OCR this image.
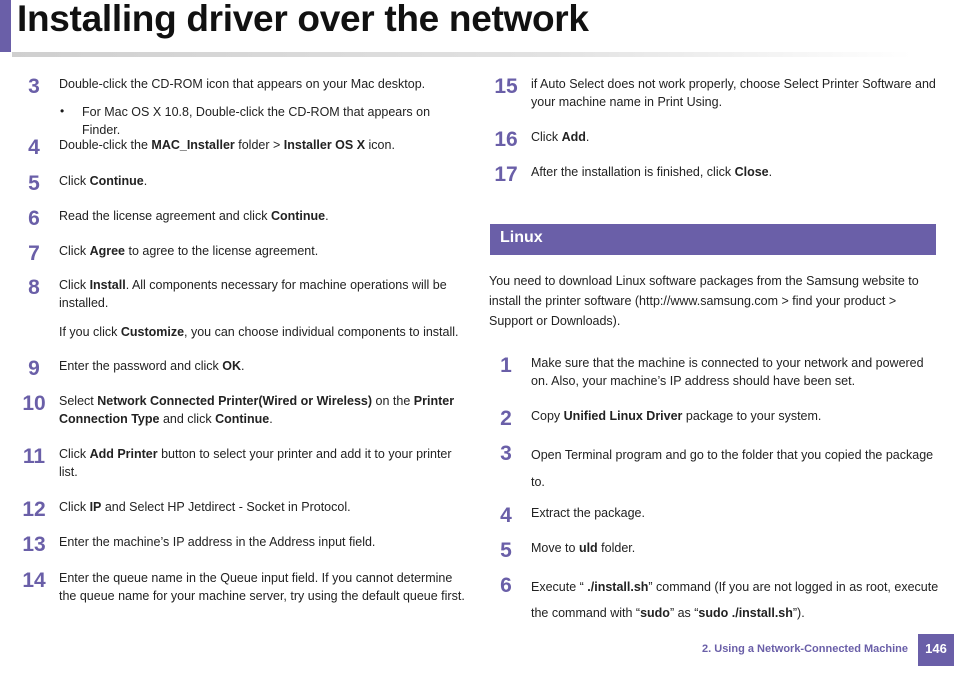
Installing driver over the network
3	Double-click the CD-ROM icon that appears on your Mac desktop.
• For Mac OS X 10.8, Double-click the CD-ROM that appears on Finder.
4	Double-click the MAC_Installer folder > Installer OS X icon.
5	Click Continue.
6	Read the license agreement and click Continue.
7	Click Agree to agree to the license agreement.
8	Click Install. All components necessary for machine operations will be installed.
If you click Customize, you can choose individual components to install.
9	Enter the password and click OK.
10	Select Network Connected Printer(Wired or Wireless) on the Printer Connection Type and click Continue.
11	Click Add Printer button to select your printer and add it to your printer list.
12	Click IP and Select HP Jetdirect - Socket in Protocol.
13	Enter the machine’s IP address in the Address input field.
14	Enter the queue name in the Queue input field. If you cannot determine the queue name for your machine server, try using the default queue first.
15	if Auto Select does not work properly, choose Select Printer Software and your machine name in Print Using.
16	Click Add.
17	After the installation is finished, click Close.
Linux
You need to download Linux software packages from the Samsung website to install the printer software (http://www.samsung.com > find your product > Support or Downloads).
1	Make sure that the machine is connected to your network and powered on. Also, your machine’s IP address should have been set.
2	Copy Unified Linux Driver package to your system.
3	Open Terminal program and go to the folder that you copied the package to.
4	Extract the package.
5	Move to uld folder.
6	Execute “ ./install.sh” command (If you are not logged in as root, execute the command with “sudo” as “sudo ./install.sh”).
2. Using a Network-Connected Machine	146
